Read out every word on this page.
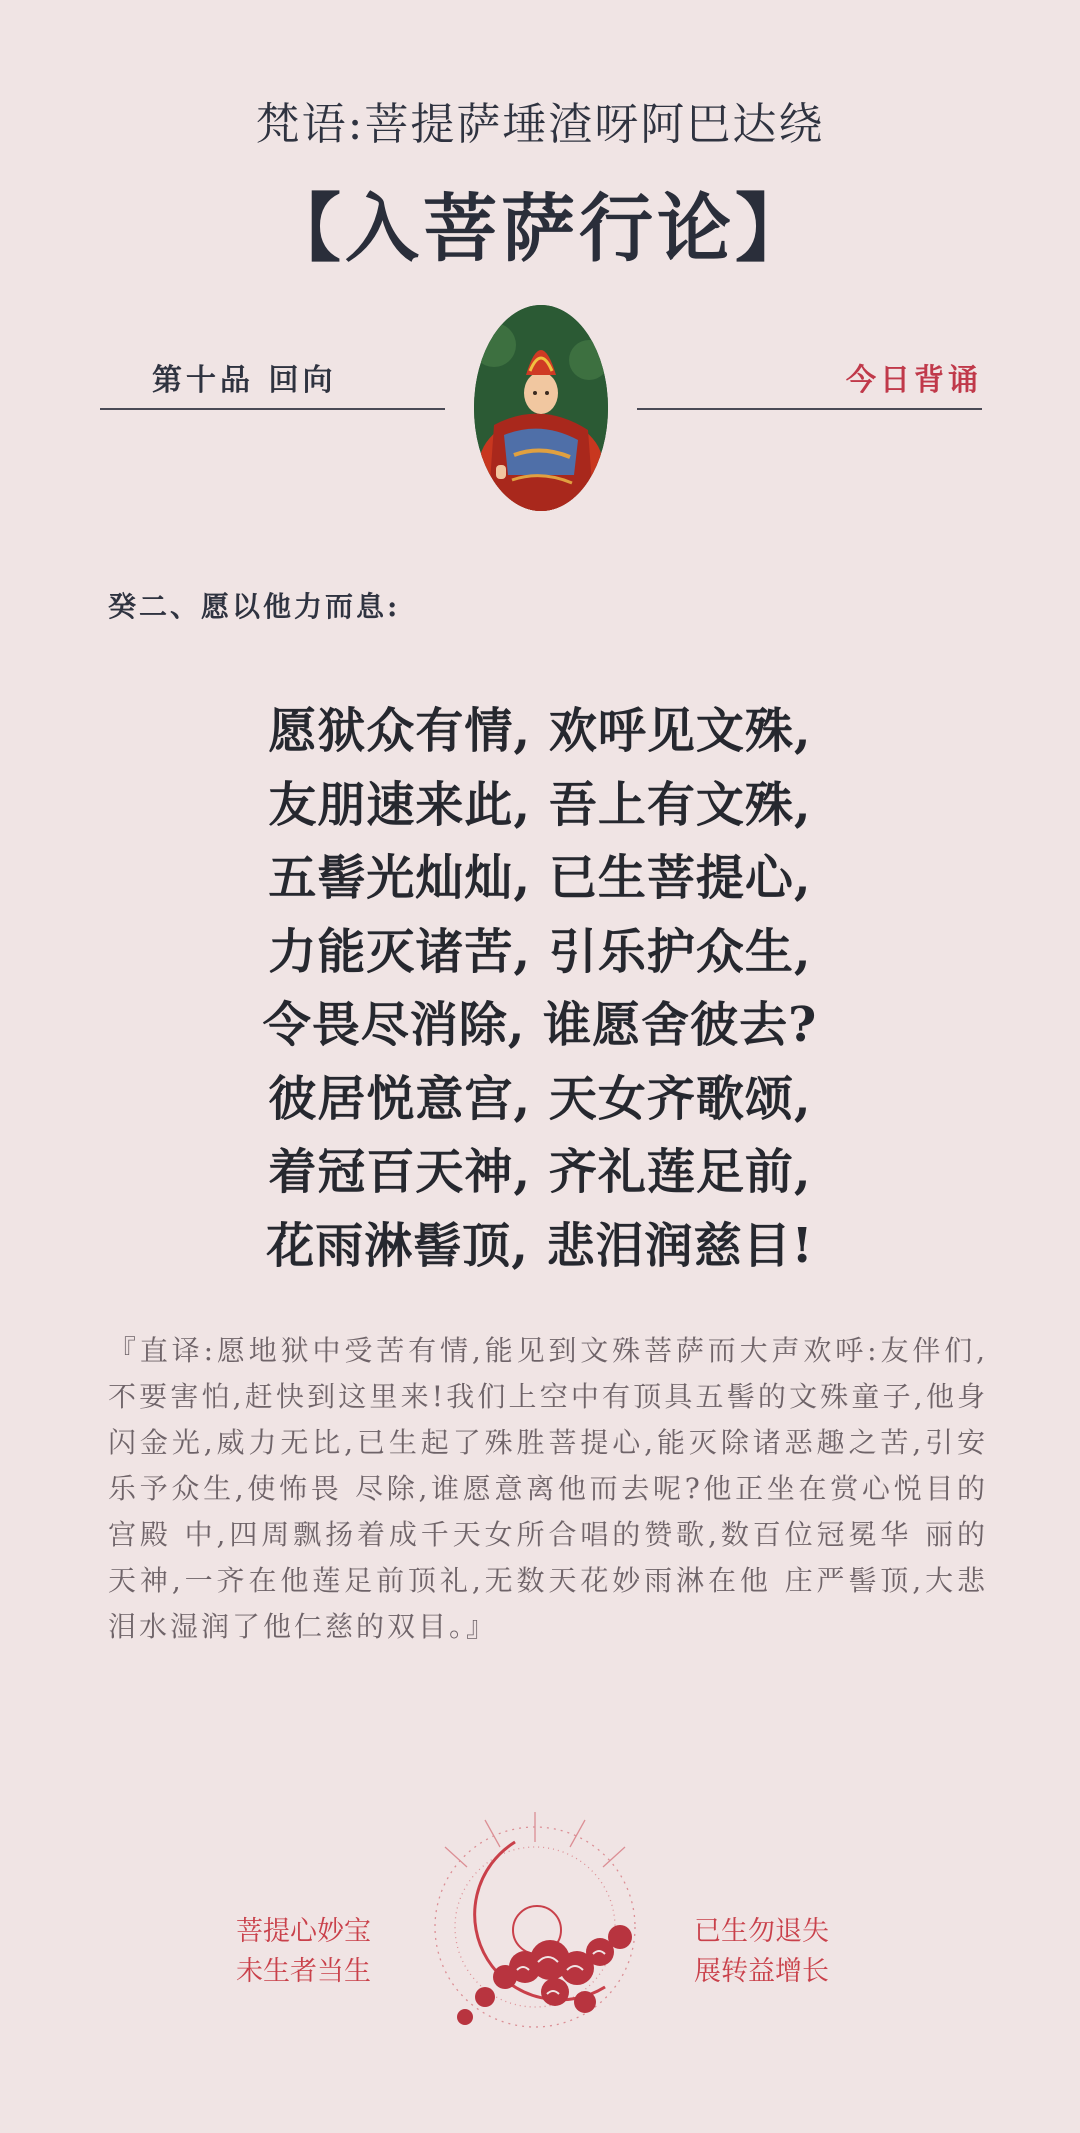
梵语:菩提萨埵渣呀阿巴达绕
【入菩萨行论】
第十品 回向	今日背诵
癸二、愿以他力而息:
愿狱众有情, 欢呼见文殊,
友朋速来此, 吾上有文殊,
五髻光灿灿, 已生菩提心,
力能灭诸苦, 引乐护众生,
令畏尽消除, 谁愿舍彼去?
彼居悦意宫, 天女齐歌颂,
着冠百天神, 齐礼莲足前,
花雨淋髻顶, 悲泪润慈目!
『直译:愿地狱中受苦有情,能见到文殊菩萨而大声欢呼:友伴们,不要害怕,赶快到这里来!我们上空中有顶具五髻的文殊童子,他身闪金光,威力无比,已生起了殊胜菩提心,能灭除诸恶趣之苦,引安乐予众生,使怖畏 尽除,谁愿意离他而去呢?他正坐在赏心悦目的宫殿 中,四周飘扬着成千天女所合唱的赞歌,数百位冠冕华 丽的天神,一齐在他莲足前顶礼,无数天花妙雨淋在他 庄严髻顶,大悲泪水湿润了他仁慈的双目。』
菩提心妙宝
未生者当生
已生勿退失
展转益增长
